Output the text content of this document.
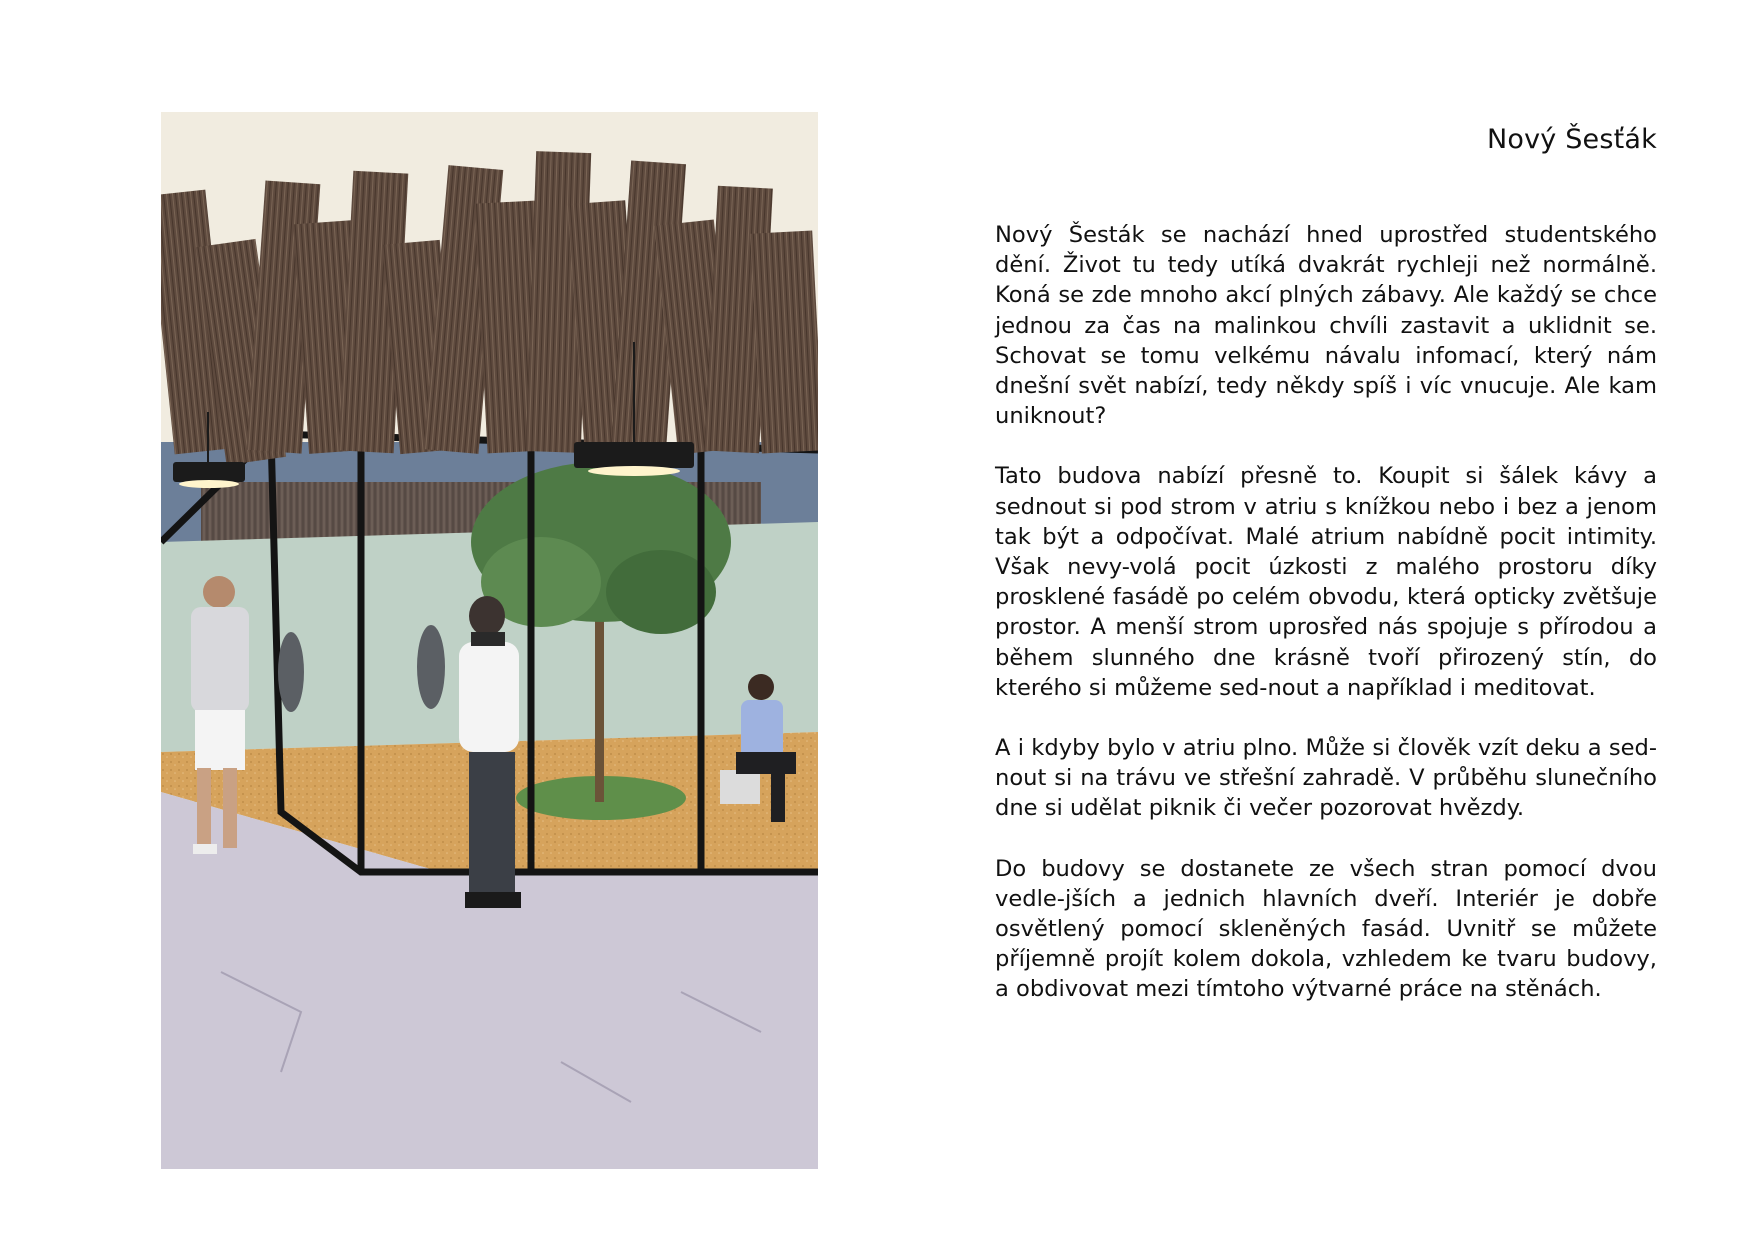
Nový Šesťák

Nový Šesták se nachází hned uprostřed studentského dění. Život tu tedy utíká dvakrát rychleji než normálně. Koná se zde mnoho akcí plných zábavy. Ale každý se chce jednou za čas na malinkou chvíli zastavit a uklidnit se. Schovat se tomu velkému návalu infomací, který nám dnešní svět nabízí, tedy někdy spíš i víc vnucuje. Ale kam uniknout?

Tato budova nabízí přesně to. Koupit si šálek kávy a sednout si pod strom v atriu s knížkou nebo i bez a jenom tak být a odpočívat. Malé atrium nabídně pocit intimity. Však nevy-volá pocit úzkosti z malého prostoru díky prosklené fasádě po celém obvodu, která opticky zvětšuje prostor. A menší strom uprosřed nás spojuje s přírodou a během slunného dne krásně tvoří přirozený stín, do kterého si můžeme sed-nout a například i meditovat.

A i kdyby bylo v atriu plno. Může si člověk vzít deku a sed-nout si na trávu ve střešní zahradě. V průběhu slunečního dne si udělat piknik či večer pozorovat hvězdy.

Do budovy se dostanete ze všech stran pomocí dvou vedle-jších a jednich hlavních dveří. Interiér je dobře osvětlený pomocí skleněných fasád. Uvnitř se můžete příjemně projít kolem dokola, vzhledem ke tvaru budovy, a obdivovat mezi tímtoho výtvarné práce na stěnách.
